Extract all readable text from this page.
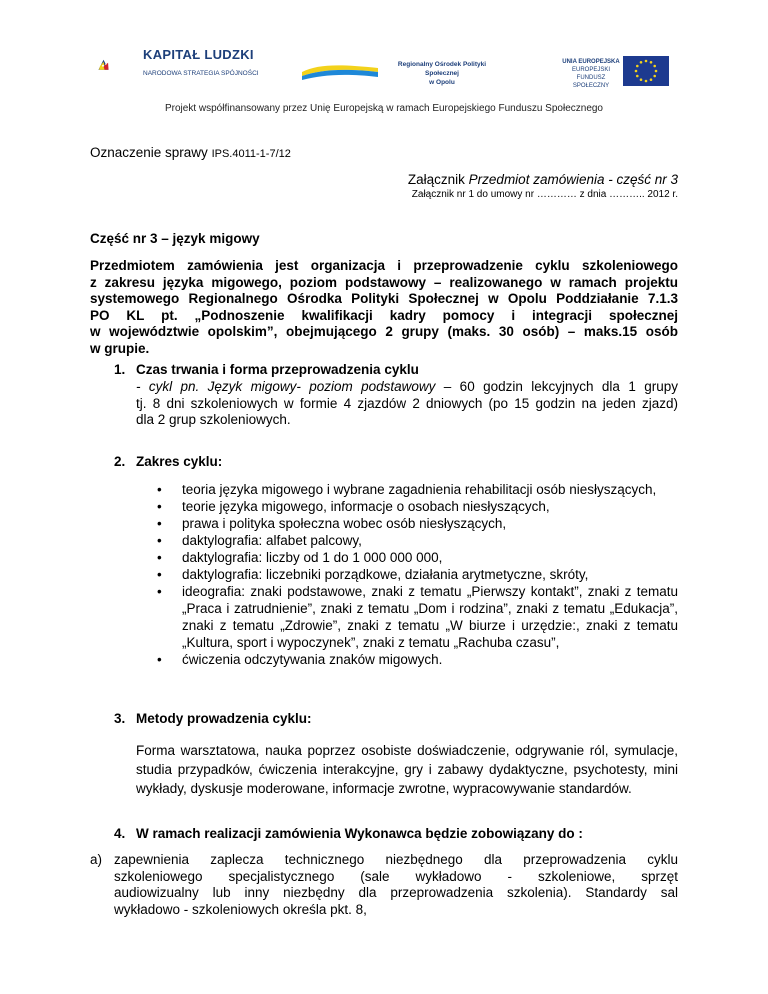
KAPITAŁ LUDZKI
NARODOWA STRATEGIA SPÓJNOŚCI
Regionalny Ośrodek Polityki Społecznej
w Opolu
UNIA EUROPEJSKA
EUROPEJSKI
FUNDUSZ SPOŁECZNY
Projekt współfinansowany przez Unię Europejską w ramach Europejskiego Funduszu Społecznego
Oznaczenie sprawy IPS.4011-1-7/12
Załącznik Przedmiot zamówienia - część nr 3
Załącznik nr 1 do umowy nr ………… z dnia ……….. 2012 r.
Część nr 3 – język migowy
Przedmiotem zamówienia jest organizacja i przeprowadzenie cyklu szkoleniowego
z zakresu języka migowego, poziom podstawowy – realizowanego w ramach projektu
systemowego Regionalnego Ośrodka Polityki Społecznej w Opolu Poddziałanie 7.1.3
PO KL pt. „Podnoszenie kwalifikacji kadry pomocy i integracji społecznej
w województwie opolskim”, obejmującego 2 grupy (maks. 30 osób) – maks.15 osób
w grupie.
1. Czas trwania i forma przeprowadzenia cyklu
- cykl pn. Język migowy- poziom podstawowy – 60 godzin lekcyjnych dla 1 grupy
tj. 8 dni szkoleniowych w formie 4 zjazdów 2 dniowych (po 15 godzin na jeden zjazd)
dla 2 grup szkoleniowych.
2. Zakres cyklu:
• teoria języka migowego i wybrane zagadnienia rehabilitacji osób niesłyszących,
• teorie języka migowego, informacje o osobach niesłyszących,
• prawa i polityka społeczna wobec osób niesłyszących,
• daktylografia: alfabet palcowy,
• daktylografia: liczby od 1 do 1 000 000 000,
• daktylografia: liczebniki porządkowe, działania arytmetyczne, skróty,
• ideografia: znaki podstawowe, znaki z tematu „Pierwszy kontakt”, znaki z tematu „Praca i zatrudnienie”, znaki z tematu „Dom i rodzina”, znaki z tematu „Edukacja”, znaki z tematu „Zdrowie”, znaki z tematu „W biurze i urzędzie:, znaki z tematu „Kultura, sport i wypoczynek”, znaki z tematu „Rachuba czasu”,
• ćwiczenia odczytywania znaków migowych.
3. Metody prowadzenia cyklu:
Forma warsztatowa, nauka poprzez osobiste doświadczenie, odgrywanie ról, symulacje, studia przypadków, ćwiczenia interakcyjne, gry i zabawy dydaktyczne, psychotesty, mini wykłady, dyskusje moderowane, informacje zwrotne, wypracowywanie standardów.
4. W ramach realizacji zamówienia Wykonawca będzie zobowiązany do :
a) zapewnienia zaplecza technicznego niezbędnego dla przeprowadzenia cyklu
szkoleniowego specjalistycznego (sale wykładowo - szkoleniowe, sprzęt
audiowizualny lub inny niezbędny dla przeprowadzenia szkolenia). Standardy sal
wykładowo - szkoleniowych określa pkt. 8,
